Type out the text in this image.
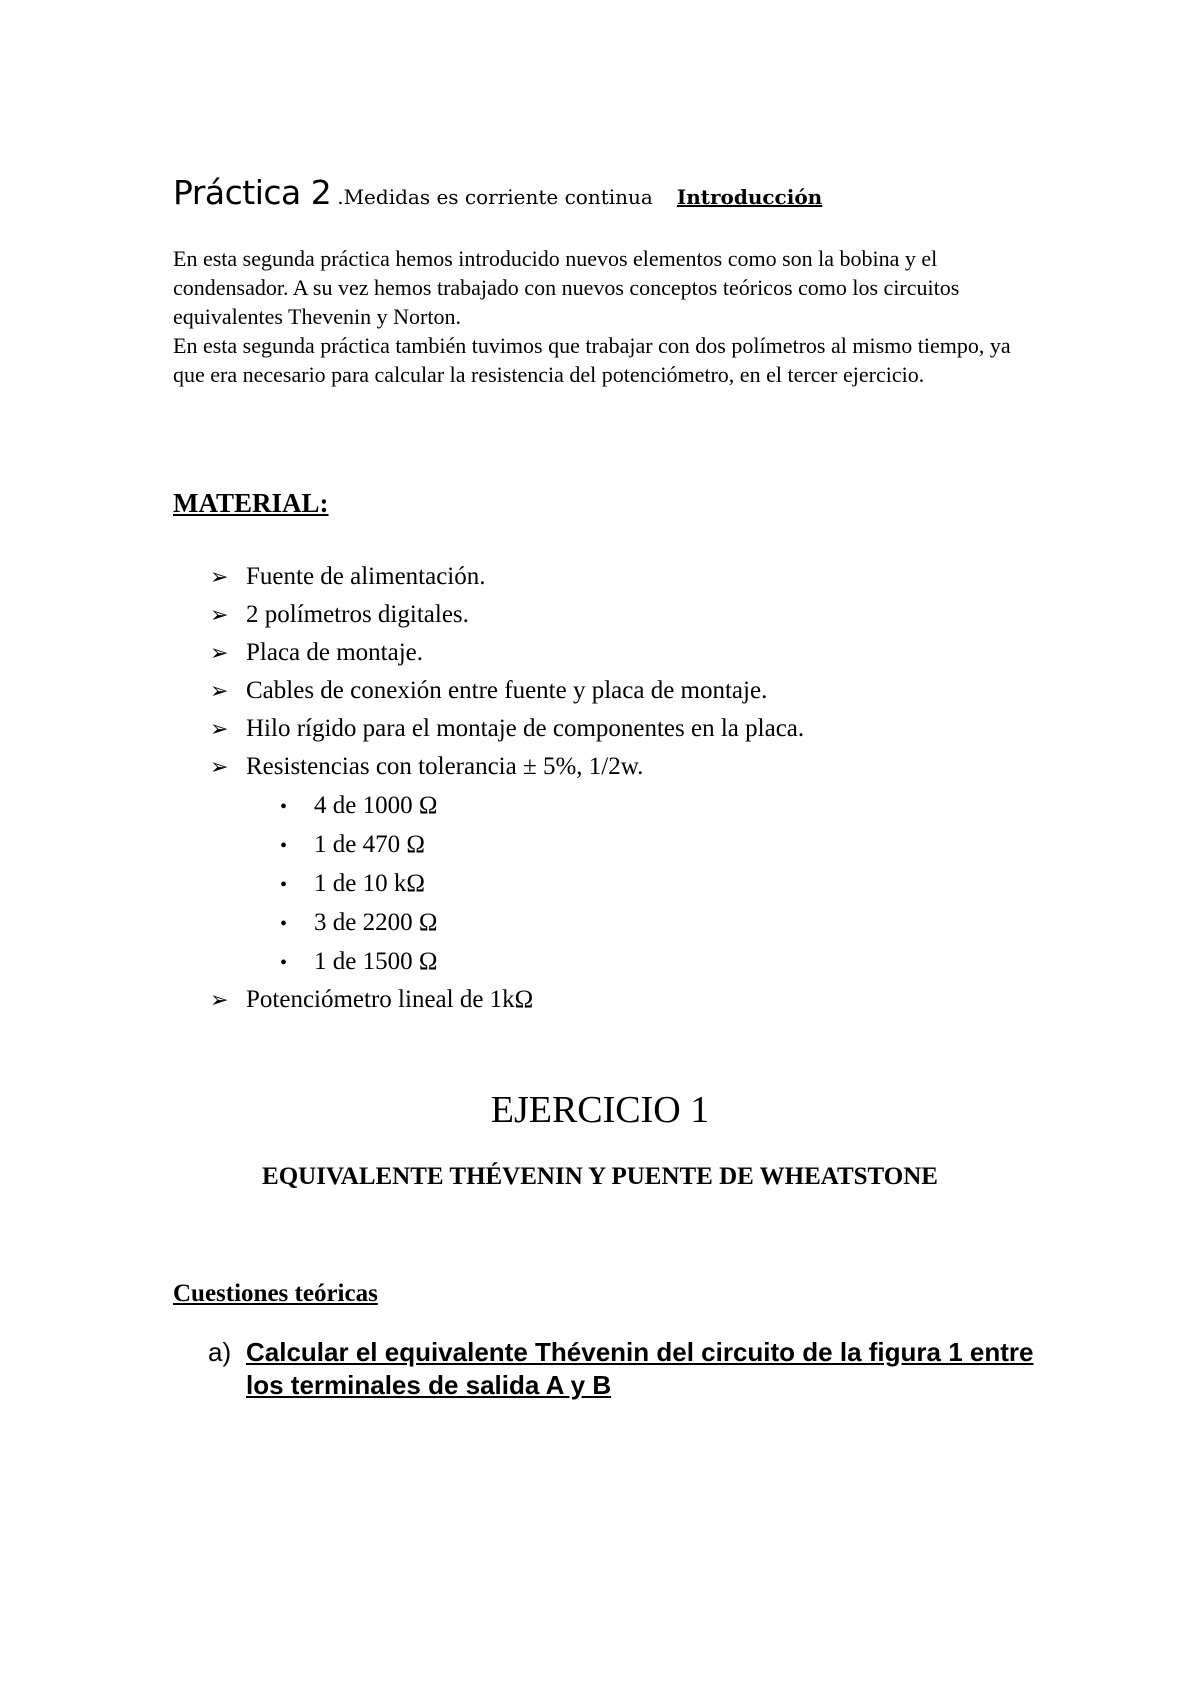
Práctica 2 .Medidas es corriente continua Introducción

En esta segunda práctica hemos introducido nuevos elementos como son la bobina y el condensador. A su vez hemos trabajado con nuevos conceptos teóricos como los circuitos equivalentes Thevenin y Norton.

En esta segunda práctica también tuvimos que trabajar con dos polímetros al mismo tiempo, ya que era necesario para calcular la resistencia del potenciómetro, en el tercer ejercicio.

MATERIAL:
➢ Fuente de alimentación.
➢ 2 polímetros digitales.
➢ Placa de montaje.
➢ Cables de conexión entre fuente y placa de montaje.
➢ Hilo rígido para el montaje de componentes en la placa.
➢ Resistencias con tolerancia ± 5%, 1/2w.
• 4 de 1000 Ω
• 1 de 470 Ω
• 1 de 10 kΩ
• 3 de 2200 Ω
• 1 de 1500 Ω
➢ Potenciómetro lineal de 1kΩ
EJERCICIO 1
EQUIVALENTE THÉVENIN Y PUENTE DE WHEATSTONE
Cuestiones teóricas
a) Calcular el equivalente Thévenin del circuito de la figura 1 entre los terminales de salida A y B
